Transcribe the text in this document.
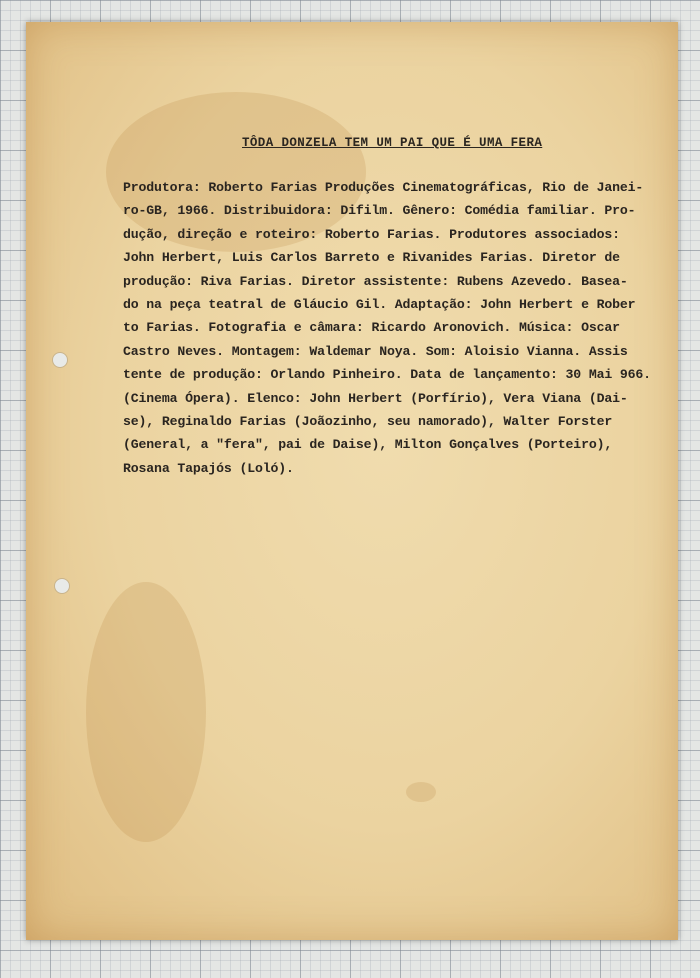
TÔDA DONZELA TEM UM PAI QUE É UMA FERA
Produtora: Roberto Farias Produções Cinematográficas, Rio de Janei-
ro-GB, 1966. Distribuidora: Difilm. Gênero: Comédia familiar. Pro-
dução, direção e roteiro: Roberto Farias. Produtores associados:
John Herbert, Luis Carlos Barreto e Rivanides Farias. Diretor de
produção: Riva Farias. Diretor assistente: Rubens Azevedo. Basea-
do na peça teatral de Gláucio Gil. Adaptação: John Herbert e Rober
to Farias. Fotografia e câmara: Ricardo Aronovich. Música: Oscar
Castro Neves. Montagem: Waldemar Noya. Som: Aloisio Vianna. Assis
tente de produção: Orlando Pinheiro. Data de lançamento: 30 Mai 966.
(Cinema Ópera). Elenco: John Herbert (Porfírio), Vera Viana (Dai-
se), Reginaldo Farias (Joãozinho, seu namorado), Walter Forster
(General, a "fera", pai de Daise), Milton Gonçalves (Porteiro),
Rosana Tapajós (Loló).
